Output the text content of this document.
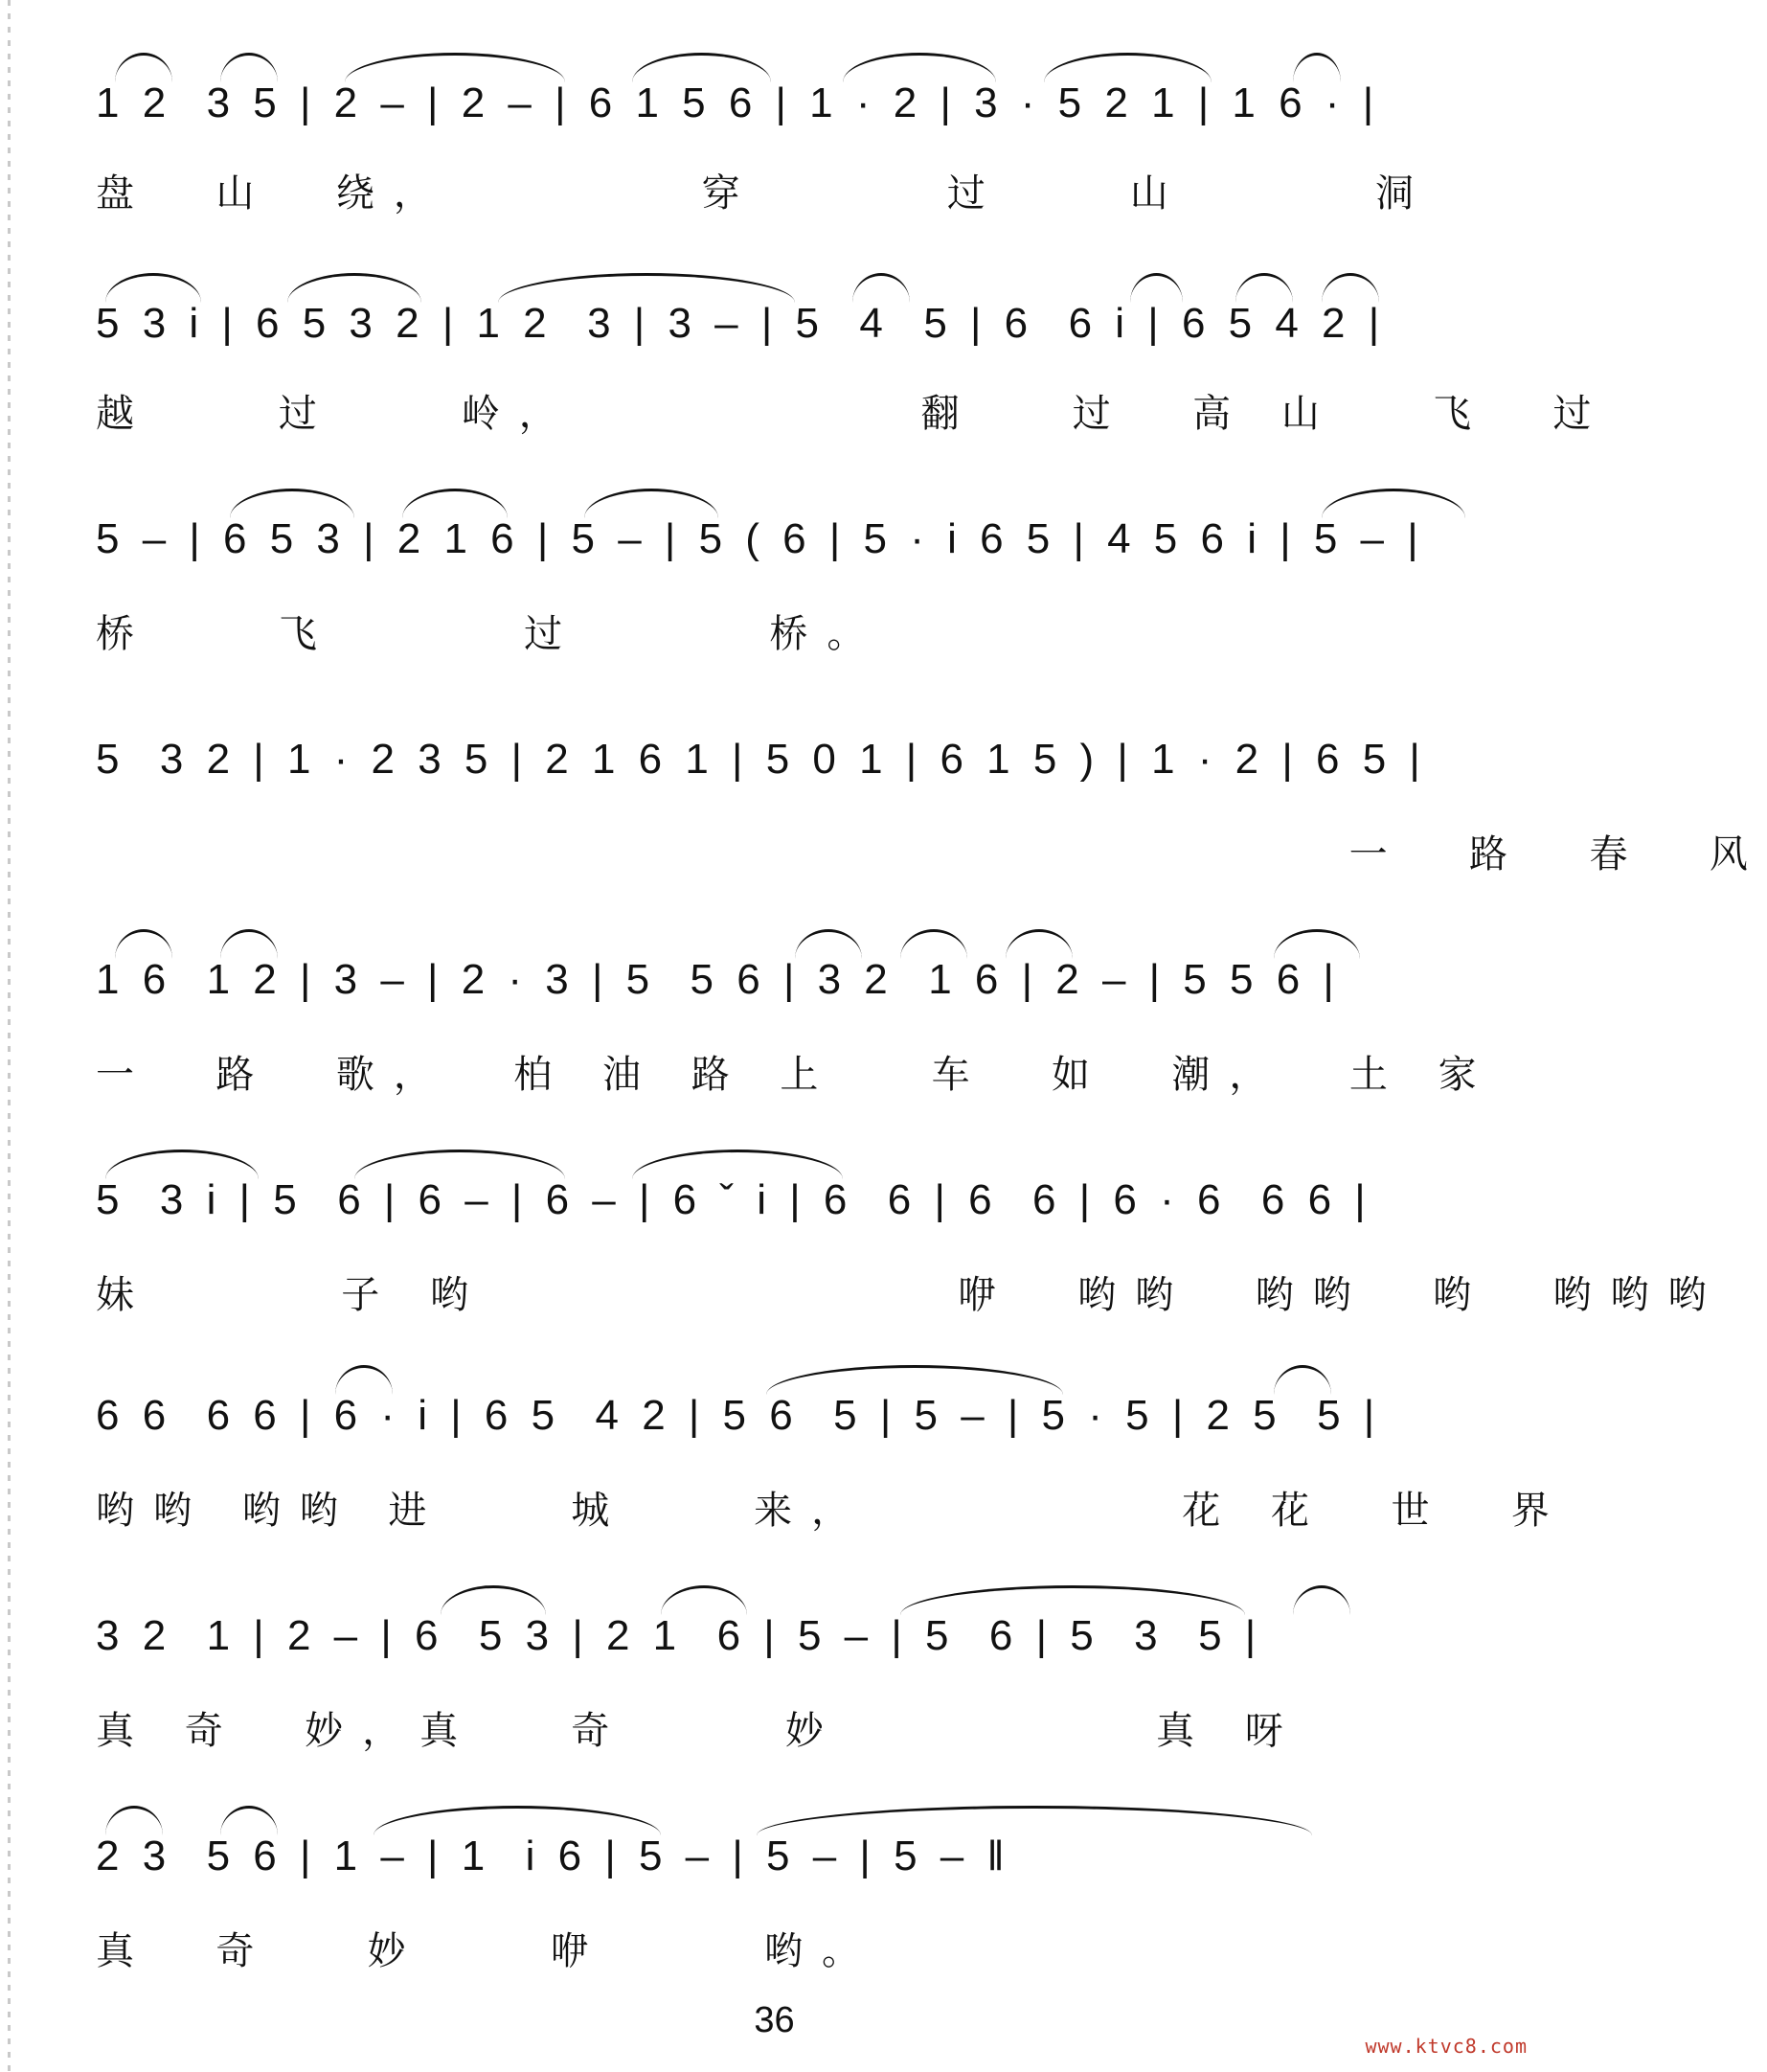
1 2  3 5 | 2 – | 2 – | 6 1 5 6 | 1 · 2 | 3 · 5 2 1 | 1 6 · |
盘  山  绕，        穿      过    山      洞
5 3 i | 6 5 3 2 | 1 2  3 | 3 – | 5  4  5 | 6  6 i | 6 5 4 2 |
越    过    岭，           翻   过  高 山   飞  过
5 – | 6 5 3 | 2 1 6 | 5 – | 5 ( 6 | 5 · i 6 5 | 4 5 6 i | 5 – |
桥    飞      过      桥。
5  3 2 | 1 · 2 3 5 | 2 1 6 1 | 5 0 1 | 6 1 5 ) | 1 · 2 | 6 5 |
一  路  春  风
1 6  1 2 | 3 – | 2 · 3 | 5  5 6 | 3 2  1 6 | 2 – | 5 5 6 |
一  路  歌，  柏 油 路 上   车  如  潮，  土 家
5  3 i | 5  6 | 6 – | 6 – | 6 ˇ i | 6  6 | 6  6 | 6 · 6  6 6 |
妹      子 哟               咿  哟哟  哟哟  哟  哟哟哟
6 6  6 6 | 6 · i | 6 5  4 2 | 5 6  5 | 5 – | 5 · 5 | 2 5  5 |
哟哟 哟哟 进    城    来，          花 花  世  界
3 2  1 | 2 – | 6  5 3 | 2 1  6 | 5 – | 5  6 | 5  3  5 |
真 奇  妙，真   奇     妙          真 呀
2 3  5 6 | 1 – | 1  i 6 | 5 – | 5 – | 5 – ‖
真  奇   妙    咿     哟。
36
www.ktvc8.com
